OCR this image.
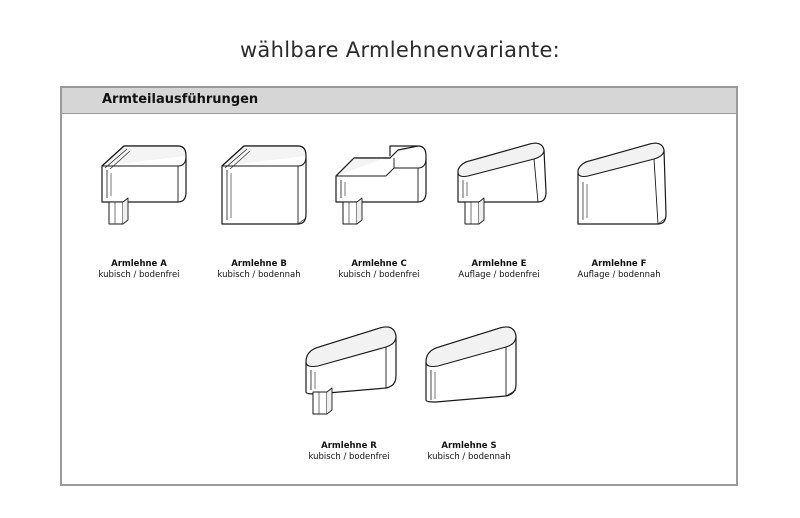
wählbare Armlehnenvariante:
Armteilausführungen
Armlehne A
kubisch / bodenfrei
Armlehne B
kubisch / bodennah
Armlehne C
kubisch / bodenfrei
Armlehne E
Auflage / bodenfrei
Armlehne F
Auflage / bodennah
Armlehne R
kubisch / bodenfrei
Armlehne S
kubisch / bodennah
